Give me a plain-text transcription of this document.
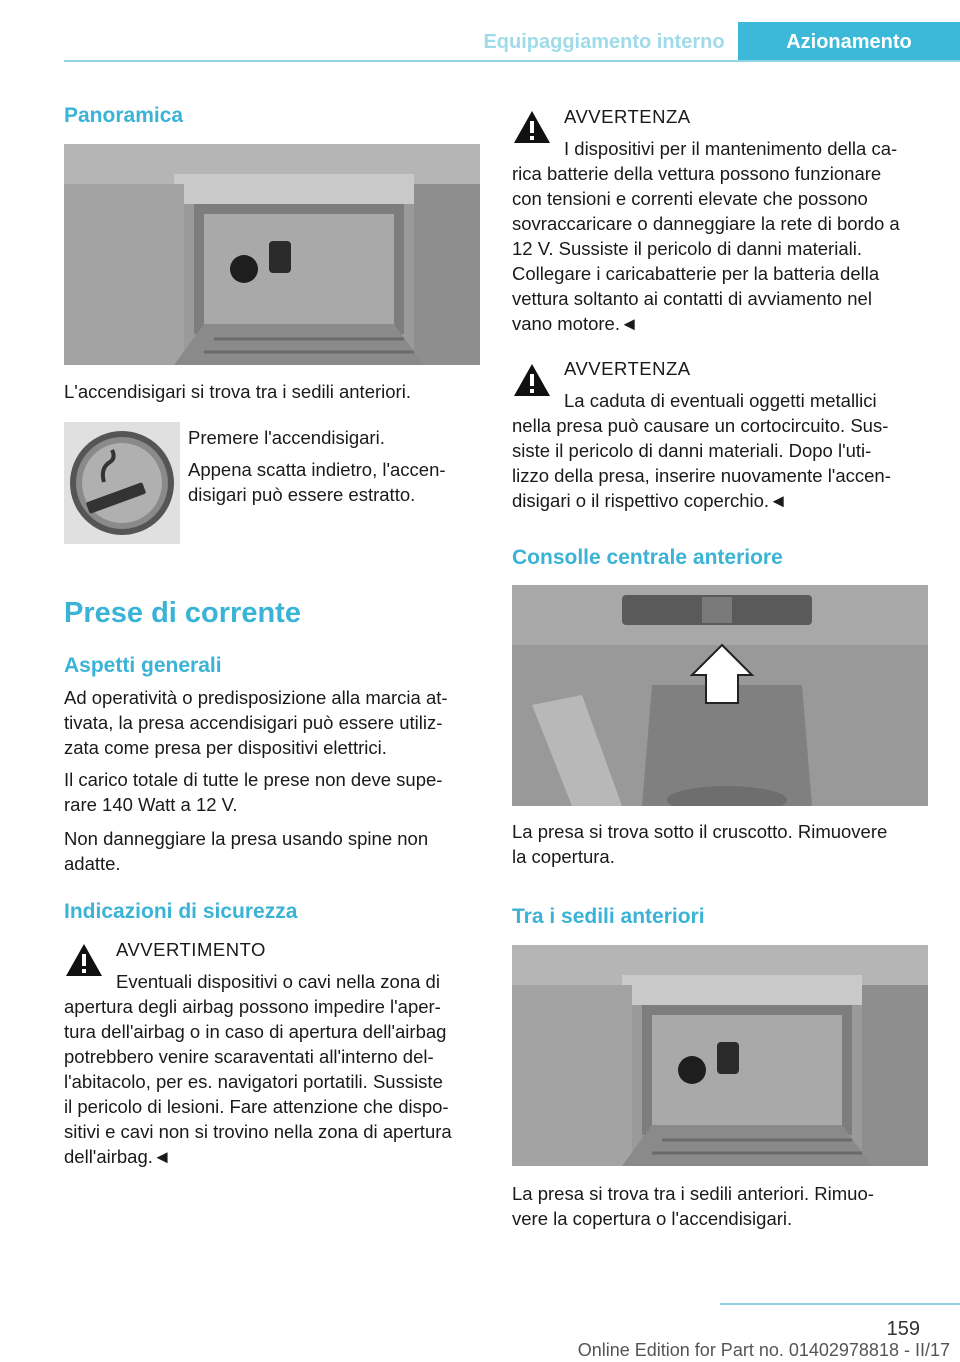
Equipaggiamento interno	Azionamento
Panoramica

L'accendisigari si trova tra i sedili anteriori.

Premere l'accendisigari.

Appena scatta indietro, l'accen-
disigari può essere estratto.

Prese di corrente
Aspetti generali

Ad operatività o predisposizione alla marcia at-
tivata, la presa accendisigari può essere utiliz-
zata come presa per dispositivi elettrici.

Il carico totale di tutte le prese non deve supe-
rare 140 Watt a 12 V.

Non danneggiare la presa usando spine non
adatte.

Indicazioni di sicurezza
AVVERTIMENTO
Eventuali dispositivi o cavi nella zona di
apertura degli airbag possono impedire l'aper-
tura dell'airbag o in caso di apertura dell'airbag
potrebbero venire scaraventati all'interno del-
l'abitacolo, per es. navigatori portatili. Sussiste
il pericolo di lesioni. Fare attenzione che dispo-
sitivi e cavi non si trovino nella zona di apertura
dell'airbag.◄
AVVERTENZA
I dispositivi per il mantenimento della ca-
rica batterie della vettura possono funzionare
con tensioni e correnti elevate che possono
sovraccaricare o danneggiare la rete di bordo a
12 V. Sussiste il pericolo di danni materiali.
Collegare i caricabatterie per la batteria della
vettura soltanto ai contatti di avviamento nel
vano motore.◄
AVVERTENZA
La caduta di eventuali oggetti metallici
nella presa può causare un cortocircuito. Sus-
siste il pericolo di danni materiali. Dopo l'uti-
lizzo della presa, inserire nuovamente l'accen-
disigari o il rispettivo coperchio.◄
Consolle centrale anteriore

La presa si trova sotto il cruscotto. Rimuovere
la copertura.

Tra i sedili anteriori

La presa si trova tra i sedili anteriori. Rimuo-
vere la copertura o l'accendisigari.

159
Online Edition for Part no. 01402978818 - II/17
